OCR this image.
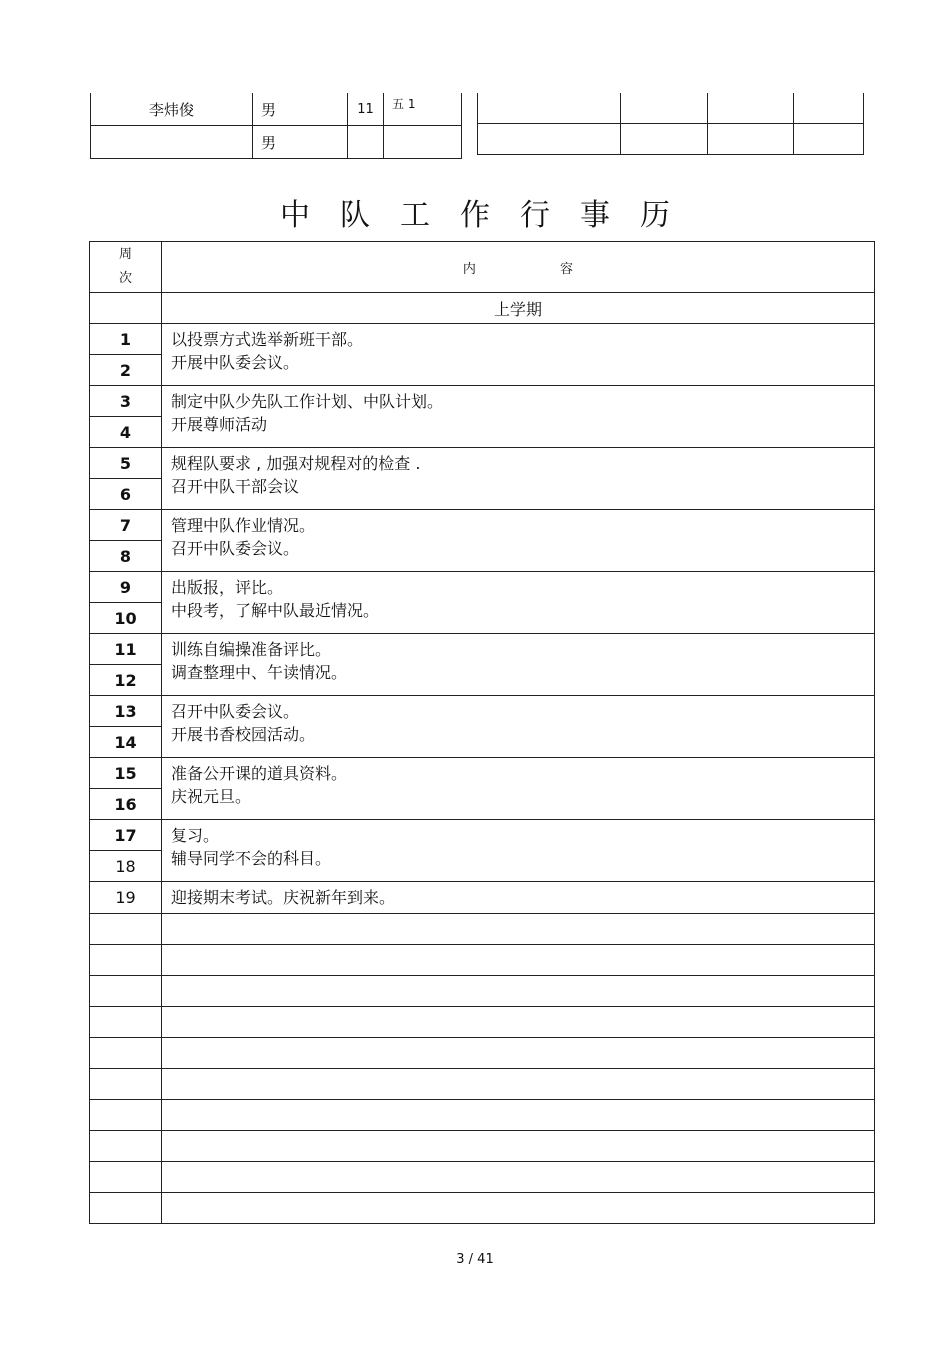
李炜俊	男	11	五 1
	男		

中队工作行事历
周
次	内 容
	上学期
1	以投票方式选举新班干部。
开展中队委会议。

2	
3	制定中队少先队工作计划、中队计划。
开展尊师活动

4	
5	规程队要求 , 加强对规程对的检查 .
召开中队干部会议

6	
7	管理中队作业情况。
召开中队委会议。

8	
9	出版报，评比。
中段考，了解中队最近情况。

10	
11	训练自编操准备评比。
调查整理中、午读情况。

12	
13	召开中队委会议。
开展书香校园活动。

14	
15	准备公开课的道具资料。
庆祝元旦。

16	
17	复习。
辅导同学不会的科目。

18	
19	迎接期末考试。庆祝新年到来。

3 / 41
